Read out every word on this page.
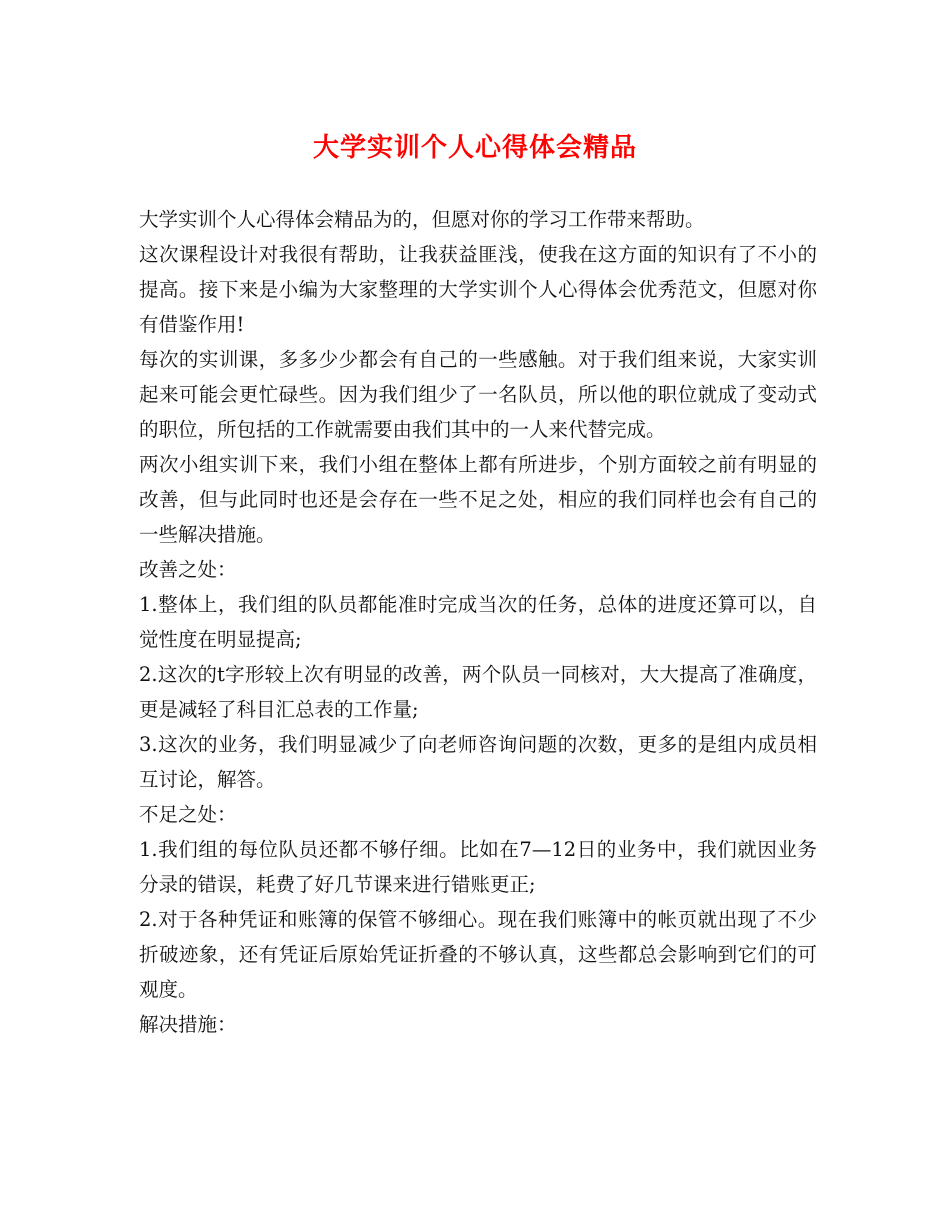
大学实训个人心得体会精品

大学实训个人心得体会精品为的，但愿对你的学习工作带来帮助。

这次课程设计对我很有帮助，让我获益匪浅，使我在这方面的知识有了不小的提高。接下来是小编为大家整理的大学实训个人心得体会优秀范文，但愿对你有借鉴作用!

每次的实训课，多多少少都会有自己的一些感触。对于我们组来说，大家实训起来可能会更忙碌些。因为我们组少了一名队员，所以他的职位就成了变动式的职位，所包括的工作就需要由我们其中的一人来代替完成。

两次小组实训下来，我们小组在整体上都有所进步，个别方面较之前有明显的改善，但与此同时也还是会存在一些不足之处，相应的我们同样也会有自己的一些解决措施。

改善之处：

1.整体上，我们组的队员都能准时完成当次的任务，总体的进度还算可以，自觉性度在明显提高;

2.这次的t字形较上次有明显的改善，两个队员一同核对，大大提高了准确度，更是减轻了科目汇总表的工作量;

3.这次的业务，我们明显减少了向老师咨询问题的次数，更多的是组内成员相互讨论，解答。

不足之处：

1.我们组的每位队员还都不够仔细。比如在7—12日的业务中，我们就因业务分录的错误，耗费了好几节课来进行错账更正;

2.对于各种凭证和账簿的保管不够细心。现在我们账簿中的帐页就出现了不少折破迹象，还有凭证后原始凭证折叠的不够认真，这些都总会影响到它们的可观度。

解决措施：
